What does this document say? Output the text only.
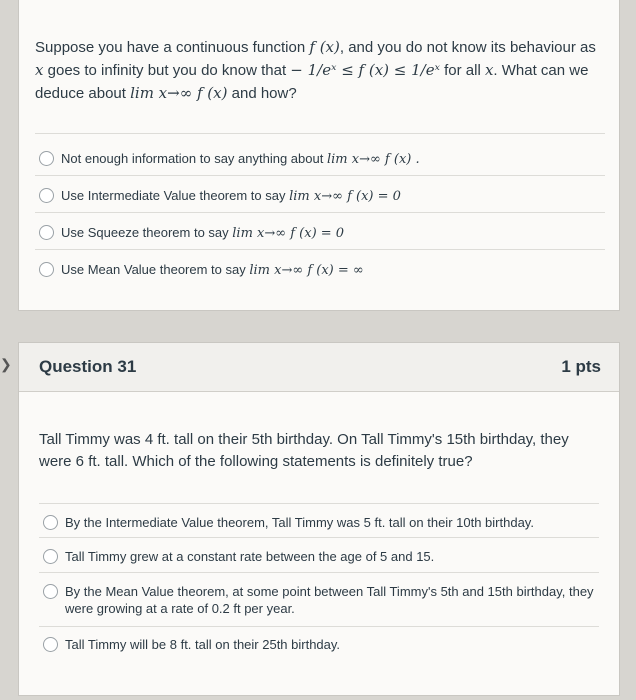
❯
Suppose you have a continuous function f (x), and you do not know its behaviour as
x goes to infinity but you do know that − 1/eˣ ≤ f (x) ≤ 1/eˣ for all x. What can we
deduce about lim x→∞ f (x) and how?
Not enough information to say anything about lim x→∞ f (x) .
Use Intermediate Value theorem to say lim x→∞ f (x) = 0
Use Squeeze theorem to say lim x→∞ f (x) = 0
Use Mean Value theorem to say lim x→∞ f (x) = ∞
Question 31	1 pts
Tall Timmy was 4 ft. tall on their 5th birthday. On Tall Timmy's 15th birthday, they were 6 ft. tall. Which of the following statements is definitely true?
By the Intermediate Value theorem, Tall Timmy was 5 ft. tall on their 10th birthday.
Tall Timmy grew at a constant rate between the age of 5 and 15.
By the Mean Value theorem, at some point between Tall Timmy's 5th and 15th birthday, they were growing at a rate of 0.2 ft per year.
Tall Timmy will be 8 ft. tall on their 25th birthday.
